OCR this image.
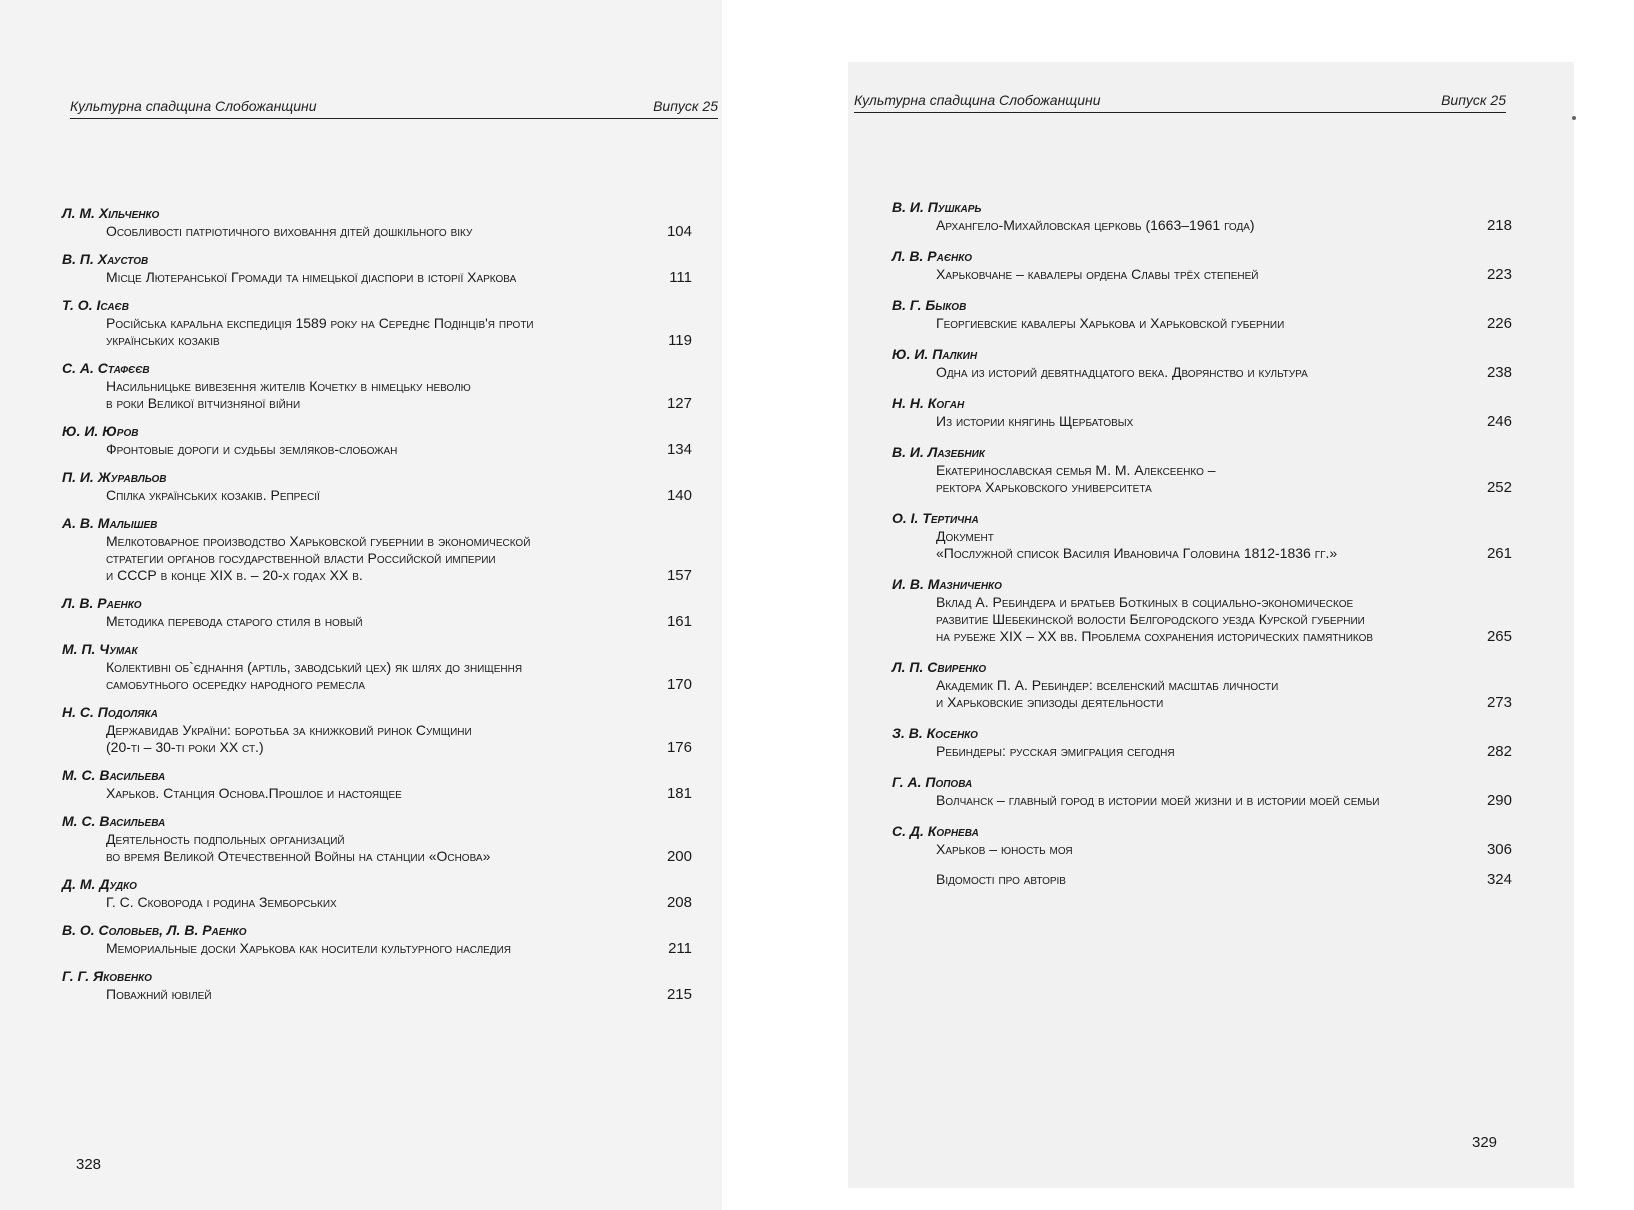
Культурна спадщина Слобожанщини	Випуск 25
Л. М. Хільченко
Особливості патріотичного виховання дітей дошкільного віку	104
В. П. Хаустов
Місце Лютеранської Громади та німецької діаспори в історії Харкова	111
Т. О. Ісаєв
Російська каральна експедиція 1589 року на Середнє Подінців'я проти
українських козаків	119
С. А. Стафєєв
Насильницьке вивезення жителів Кочетку в німецьку неволю
в роки Великої вітчизняної війни	127
Ю. И. Юров
Фронтовые дороги и судьбы земляков-слобожан	134
П. И. Журавльов
Спілка українських козаків. Репресії	140
А. В. Малышев
Мелкотоварное производство Харьковской губернии в экономической
стратегии органов государственной власти Российской империи
и СССР в конце XIX в. – 20-х годах XX в.	157
Л. В. Раенко
Методика перевода старого стиля в новый	161
М. П. Чумак
Колективні об`єднання (артіль, заводський цех) як шлях до знищення
самобутнього осередку народного ремесла	170
Н. С. Подоляка
Державидав України: боротьба за книжковий ринок Сумщини
(20-ті – 30-ті роки XX ст.)	176
М. С. Васильева
Харьков. Станция Основа.Прошлое и настоящее	181
М. С. Васильева
Деятельность подпольных организаций
во время Великой Отечественной Войны на станции «Основа»	200
Д. М. Дудко
Г. С. Сковорода і родина Земборських	208
В. О. Соловьев, Л. В. Раенко
Мемориальные доски Харькова как носители культурного наследия	211
Г. Г. Яковенко
Поважний ювілей	215
328
Культурна спадщина Слобожанщини	Випуск 25
В. И. Пушкарь
Архангело-Михайловская церковь (1663–1961 года)	218
Л. В. Раєнко
Харьковчане – кавалеры ордена Славы трёх степеней	223
В. Г. Быков
Георгиевские кавалеры Харькова и Харьковской губернии	226
Ю. И. Палкин
Одна из историй девятнадцатого века. Дворянство и культура	238
Н. Н. Коган
Из истории княгинь Щербатовых	246
В. И. Лазебник
Екатеринославская семья М. М. Алексеенко –
ректора Харьковского университета	252
О. І. Тертична
Документ
«Послужной список Василія Ивановича Головина 1812-1836 гг.»	261
И. В. Мазниченко
Вклад А. Ребиндера и братьев Боткиных в социально-экономическое
развитие Шебекинской волости Белгородского уезда Курской губернии
на рубеже XIX – XX вв. Проблема сохранения исторических памятников	265
Л. П. Свиренко
Академик П. А. Ребиндер: вселенский масштаб личности
и Харьковские эпизоды деятельности	273
З. В. Косенко
Ребиндеры: русская эмиграция сегодня	282
Г. А. Попова
Волчанск – главный город в истории моей жизни и в истории моей семьи	290
С. Д. Корнева
Харьков – юность моя	306
Відомості про авторів	324
329
